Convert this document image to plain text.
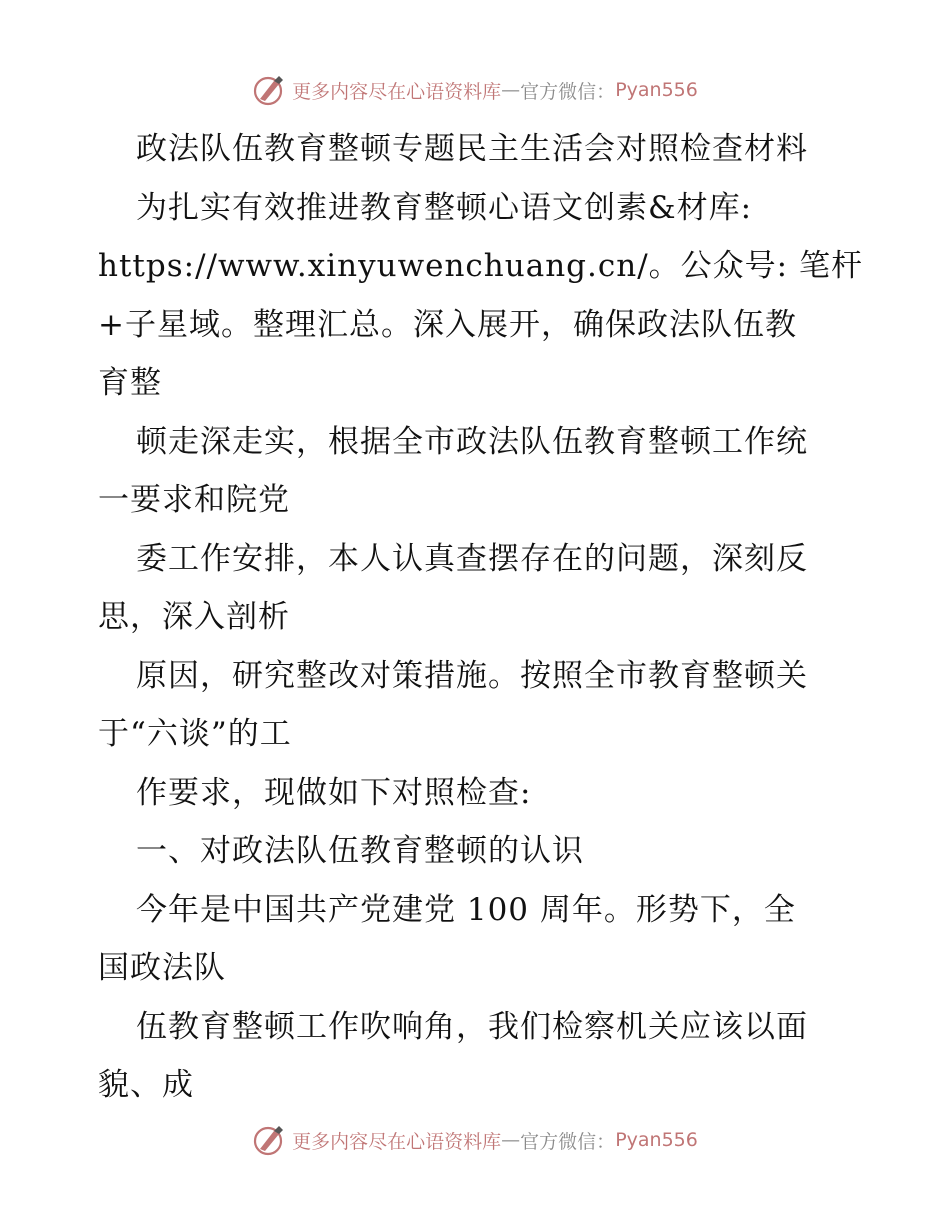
更多内容尽在心语资料库 — 官方微信： Pyan556
政法队伍教育整顿专题民主生活会对照检查材料
为扎实有效推进教育整顿心语文创素&材库:
https://www.xinyuwenchuang.cn/。公众号: 笔杆
+子星域。整理汇总。深入展开，确保政法队伍教
育整
顿走深走实，根据全市政法队伍教育整顿工作统
一要求和院党
委工作安排，本人认真查摆存在的问题，深刻反
思，深入剖析
原因，研究整改对策措施。按照全市教育整顿关
于“六谈”的工
作要求，现做如下对照检查:
一、对政法队伍教育整顿的认识
今年是中国共产党建党 100 周年。形势下，全
国政法队
伍教育整顿工作吹响角，我们检察机关应该以面
貌、成
更多内容尽在心语资料库 — 官方微信： Pyan556
